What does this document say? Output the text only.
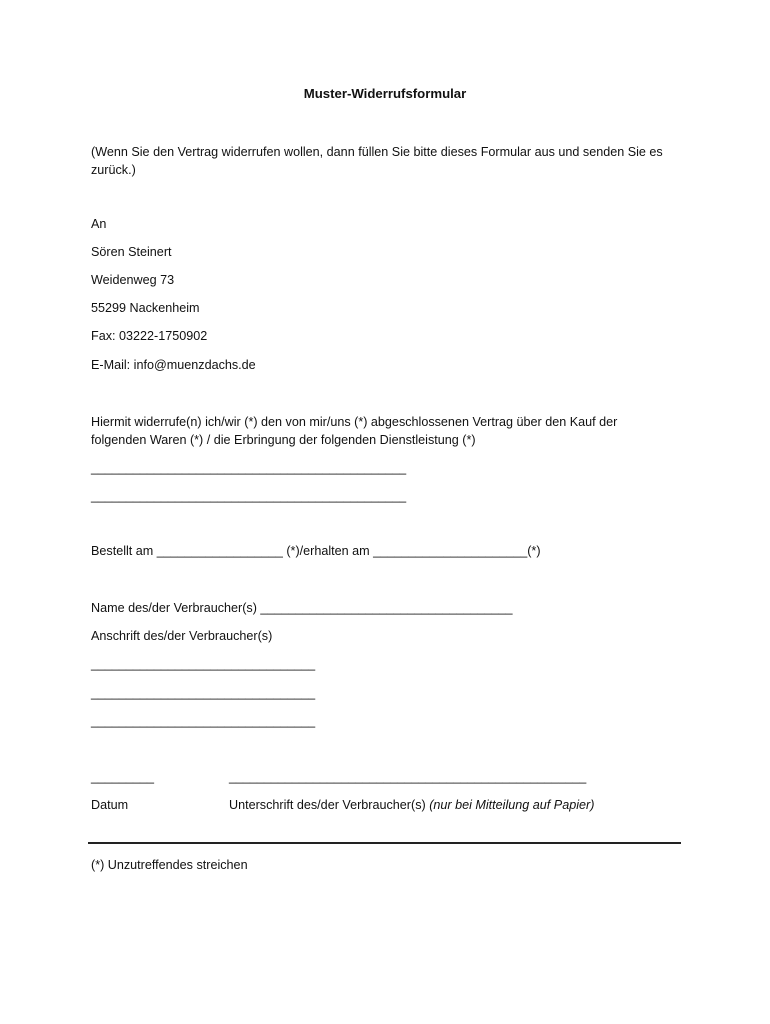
Muster-Widerrufsformular
(Wenn Sie den Vertrag widerrufen wollen, dann füllen Sie bitte dieses Formular aus und senden Sie es zurück.)
An
Sören Steinert
Weidenweg 73
55299 Nackenheim
Fax: 03222-1750902
E-Mail: info@muenzdachs.de
Hiermit widerrufe(n) ich/wir (*) den von mir/uns (*) abgeschlossenen Vertrag über den Kauf der folgenden Waren (*) / die Erbringung der folgenden Dienstleistung (*)
_____________________________________________
_____________________________________________
Bestellt am __________________ (*)/erhalten am ______________________(*)
Name des/der Verbraucher(s) ____________________________________
Anschrift des/der Verbraucher(s)
________________________________
________________________________
________________________________
_________	___________________________________________________
Datum	Unterschrift des/der Verbraucher(s) (nur bei Mitteilung auf Papier)
(*) Unzutreffendes streichen
